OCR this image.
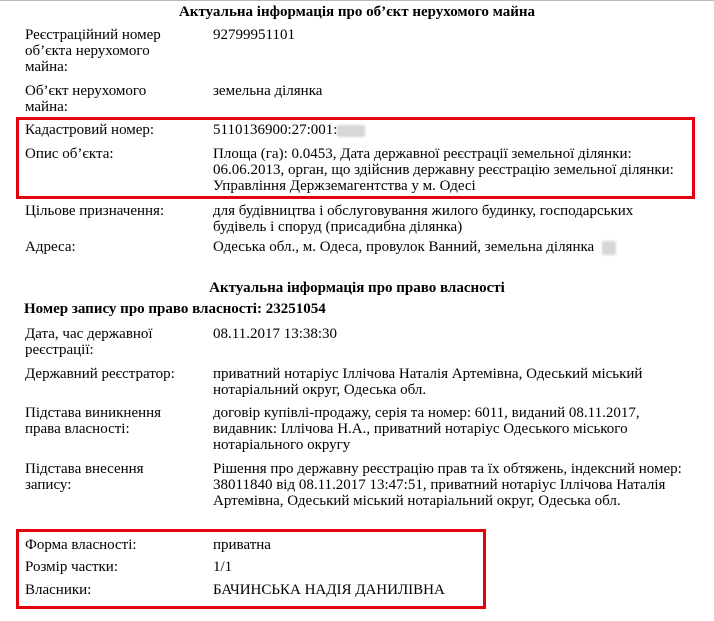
Актуальна інформація про об’єкт нерухомого майна
Реєстраційний номер об’єкта нерухомого майна:
92799951101
Об’єкт нерухомого майна:
земельна ділянка
Кадастровий номер:	5110136900:27:001:
Опис об’єкта:	Площа (га): 0.0453, Дата державної реєстрації земельної ділянки: 06.06.2013, орган, що здійснив державну реєстрацію земельної ділянки: Управління Держземагентства у м. Одесі
Цільове призначення:	для будівництва і обслуговування жилого будинку, господарських будівель і споруд (присадибна ділянка)
Адреса:	Одеська обл., м. Одеса, провулок Ванний, земельна ділянка
Актуальна інформація про право власності
Номер запису про право власності: 23251054
Дата, час державної реєстрації:
08.11.2017 13:38:30
Державний реєстратор:	приватний нотаріус Іллічова Наталія Артемівна, Одеський міський нотаріальний округ, Одеська обл.
Підстава виникнення права власності:
договір купівлі-продажу, серія та номер: 6011, виданий 08.11.2017, видавник: Іллічова Н.А., приватний нотаріус Одеського міського нотаріального округу
Підстава внесення запису:
Рішення про державну реєстрацію прав та їх обтяжень, індексний номер: 38011840 від 08.11.2017 13:47:51, приватний нотаріус Іллічова Наталія Артемівна, Одеський міський нотаріальний округ, Одеська обл.
Форма власності:	приватна
Розмір частки:	1/1
Власники:	БАЧИНСЬКА НАДІЯ ДАНИЛІВНА
